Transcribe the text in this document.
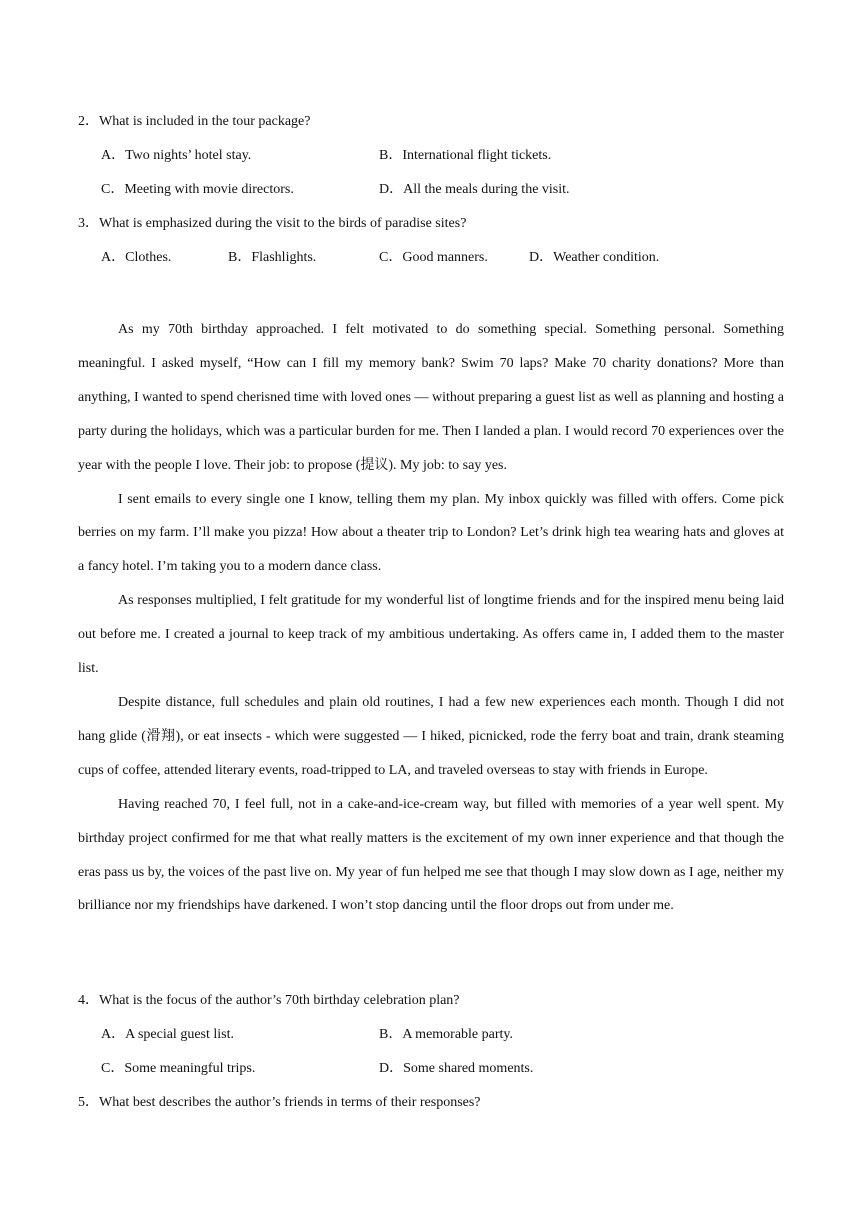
2．What is included in the tour package?
A．Two nights’ hotel stay.	B．International flight tickets.
C．Meeting with movie directors.	D．All the meals during the visit.
3．What is emphasized during the visit to the birds of paradise sites?
A．Clothes.	B．Flashlights.	C．Good manners.	D．Weather condition.

As my 70th birthday approached. I felt motivated to do something special. Something personal. Something meaningful. I asked myself, “How can I fill my memory bank? Swim 70 laps? Make 70 charity donations? More than anything, I wanted to spend cherisned time with loved ones — without preparing a guest list as well as planning and hosting a party during the holidays, which was a particular burden for me. Then I landed a plan. I would record 70 experiences over the year with the people I love. Their job: to propose (提议). My job: to say yes.

I sent emails to every single one I know, telling them my plan. My inbox quickly was filled with offers. Come pick berries on my farm. I’ll make you pizza! How about a theater trip to London? Let’s drink high tea wearing hats and gloves at a fancy hotel. I’m taking you to a modern dance class.

As responses multiplied, I felt gratitude for my wonderful list of longtime friends and for the inspired menu being laid out before me. I created a journal to keep track of my ambitious undertaking. As offers came in, I added them to the master list.

Despite distance, full schedules and plain old routines, I had a few new experiences each month. Though I did not hang glide (滑翔), or eat insects - which were suggested — I hiked, picnicked, rode the ferry boat and train, drank steaming cups of coffee, attended literary events, road-tripped to LA, and traveled overseas to stay with friends in Europe.

Having reached 70, I feel full, not in a cake-and-ice-cream way, but filled with memories of a year well spent. My birthday project confirmed for me that what really matters is the excitement of my own inner experience and that though the eras pass us by, the voices of the past live on. My year of fun helped me see that though I may slow down as I age, neither my brilliance nor my friendships have darkened. I won’t stop dancing until the floor drops out from under me.

4．What is the focus of the author’s 70th birthday celebration plan?
A．A special guest list.	B．A memorable party.
C．Some meaningful trips.	D．Some shared moments.
5．What best describes the author’s friends in terms of their responses?
